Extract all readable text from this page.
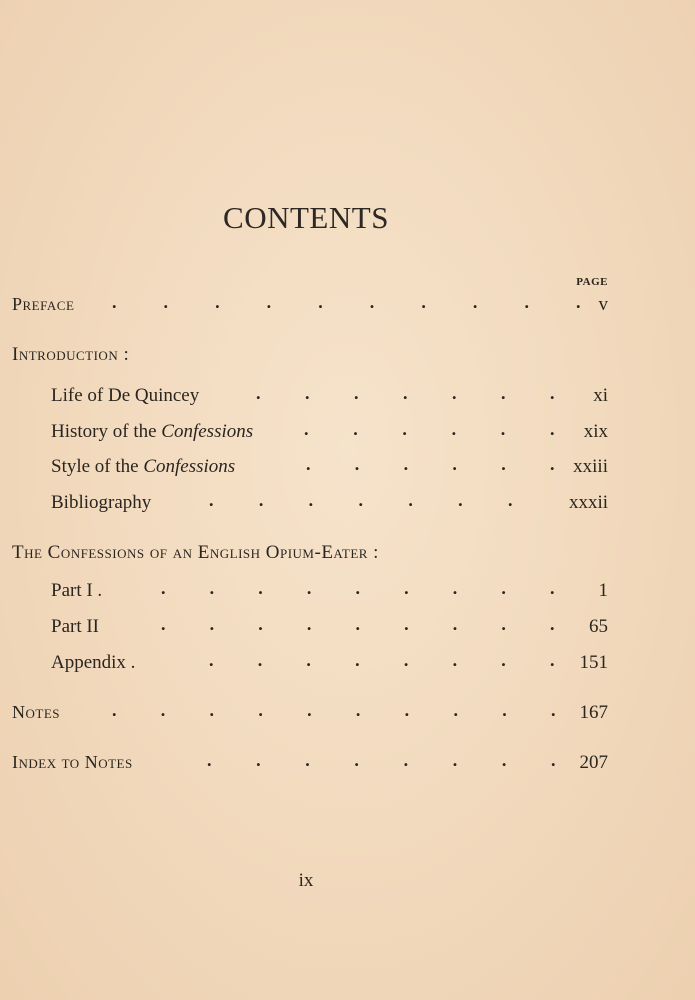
CONTENTS
PAGE
Preface .	.	.	.	.	.	.	.	.	. v
Introduction :
Life of De Quincey	. . . . . . . xi
History of the Confessions	. . . . . . xix
Style of the Confessions	. . . . . . xxiii
Bibliography	.	.	.	.	.	.	.	xxxii
The Confessions of an English Opium-Eater :
Part I .	. . . . . . . . . 1
Part II	. . . . . . . . . 65
Appendix .	. . . . . . . . 151
Notes	. . . . . . . . . . 167
Index to Notes	. . . . . . . . 207
ix
